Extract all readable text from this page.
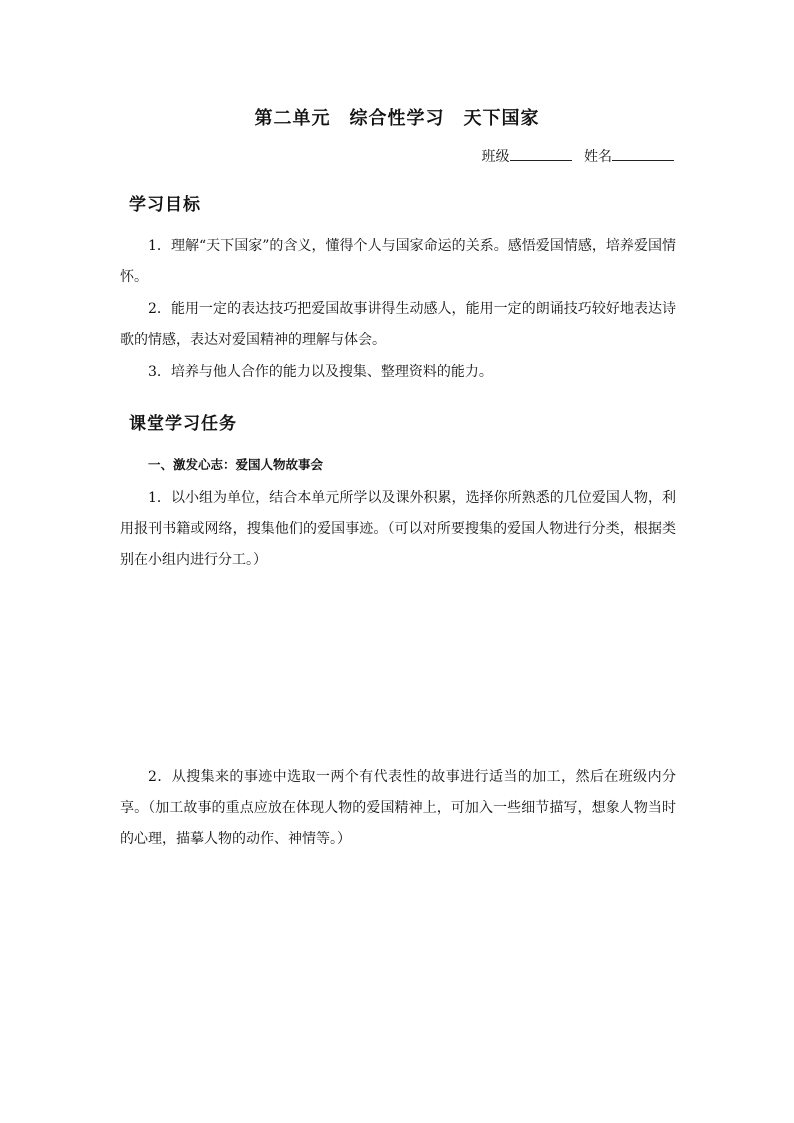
第二单元　综合性学习　天下国家
班级	姓名
学习目标

1．理解“天下国家”的含义，懂得个人与国家命运的关系。感悟爱国情感，培养爱国情怀。

2．能用一定的表达技巧把爱国故事讲得生动感人，能用一定的朗诵技巧较好地表达诗歌的情感，表达对爱国精神的理解与体会。

3．培养与他人合作的能力以及搜集、整理资料的能力。

课堂学习任务
一、激发心志：爱国人物故事会

1．以小组为单位，结合本单元所学以及课外积累，选择你所熟悉的几位爱国人物，利用报刊书籍或网络，搜集他们的爱国事迹。（可以对所要搜集的爱国人物进行分类，根据类别在小组内进行分工。）

2．从搜集来的事迹中选取一两个有代表性的故事进行适当的加工，然后在班级内分享。（加工故事的重点应放在体现人物的爱国精神上，可加入一些细节描写，想象人物当时的心理，描摹人物的动作、神情等。）
